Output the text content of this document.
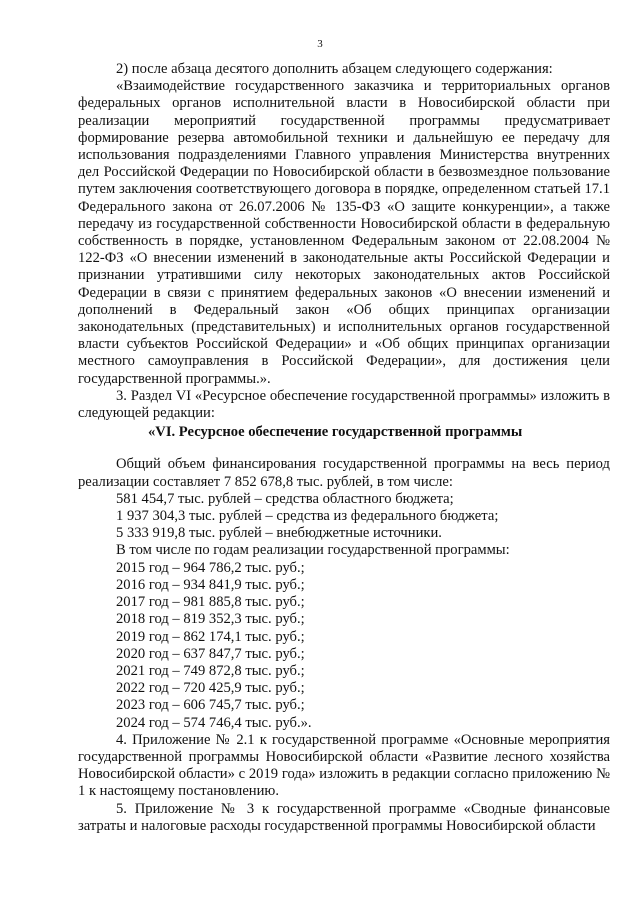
3

2) после абзаца десятого дополнить абзацем следующего содержания:

«Взаимодействие государственного заказчика и территориальных органов федеральных органов исполнительной власти в Новосибирской области при реализации мероприятий государственной программы предусматривает формирование резерва автомобильной техники и дальнейшую ее передачу для использования подразделениями Главного управления Министерства внутренних дел Российской Федерации по Новосибирской области в безвозмездное пользование путем заключения соответствующего договора в порядке, определенном статьей 17.1 Федерального закона от 26.07.2006 № 135-ФЗ «О защите конкуренции», а также передачу из государственной собственности Новосибирской области в федеральную собственность в порядке, установленном Федеральным законом от 22.08.2004 № 122-ФЗ «О внесении изменений в законодательные акты Российской Федерации и признании утратившими силу некоторых законодательных актов Российской Федерации в связи с принятием федеральных законов «О внесении изменений и дополнений в Федеральный закон «Об общих принципах организации законодательных (представительных) и исполнительных органов государственной власти субъектов Российской Федерации» и «Об общих принципах организации местного самоуправления в Российской Федерации», для достижения цели государственной программы.».

3. Раздел VI «Ресурсное обеспечение государственной программы» изложить в следующей редакции:

«VI. Ресурсное обеспечение государственной программы

Общий объем финансирования государственной программы на весь период реализации составляет 7 852 678,8 тыс. рублей, в том числе:

581 454,7 тыс. рублей – средства областного бюджета;

1 937 304,3 тыс. рублей – средства из федерального бюджета;

5 333 919,8 тыс. рублей – внебюджетные источники.

В том числе по годам реализации государственной программы:

2015 год – 964 786,2 тыс. руб.;

2016 год – 934 841,9 тыс. руб.;

2017 год – 981 885,8 тыс. руб.;

2018 год – 819 352,3 тыс. руб.;

2019 год – 862 174,1 тыс. руб.;

2020 год – 637 847,7 тыс. руб.;

2021 год – 749 872,8 тыс. руб.;

2022 год – 720 425,9 тыс. руб.;

2023 год – 606 745,7 тыс. руб.;

2024 год – 574 746,4 тыс. руб.».

4. Приложение № 2.1 к государственной программе «Основные мероприятия государственной программы Новосибирской области «Развитие лесного хозяйства Новосибирской области» с 2019 года» изложить в редакции согласно приложению № 1 к настоящему постановлению.

5. Приложение № 3 к государственной программе «Сводные финансовые затраты и налоговые расходы государственной программы Новосибирской области
